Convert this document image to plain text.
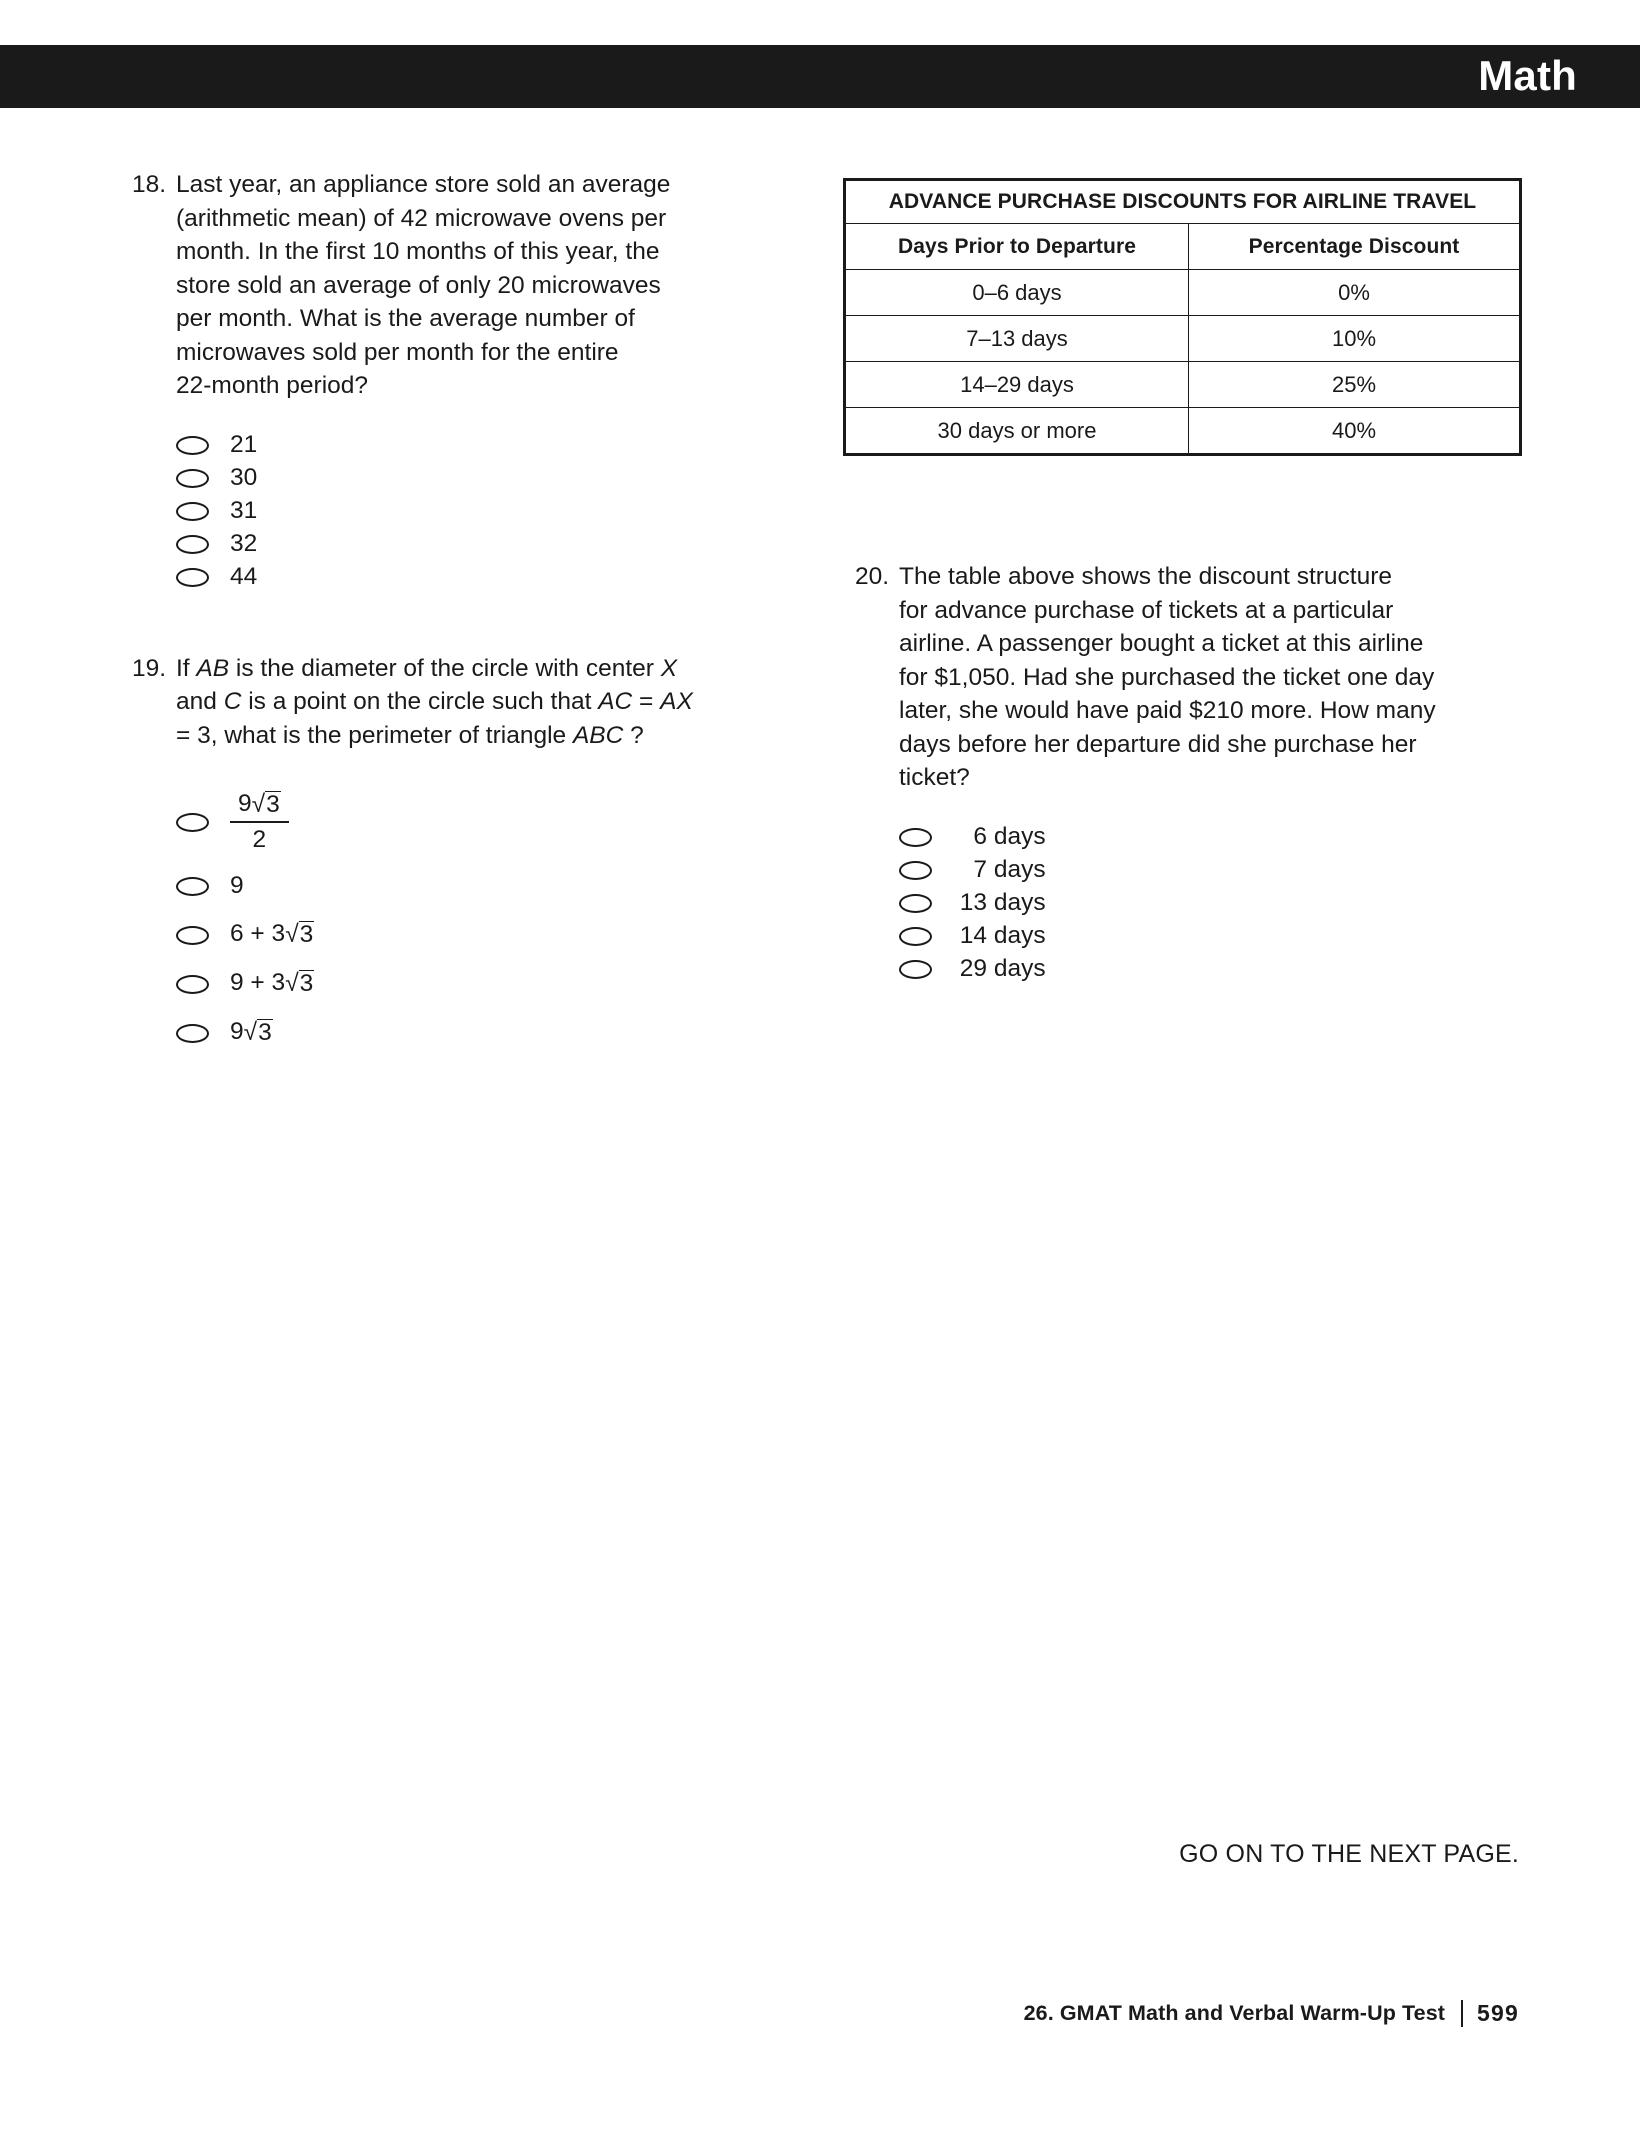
Math
18. Last year, an appliance store sold an average
(arithmetic mean) of 42 microwave ovens per
month. In the first 10 months of this year, the
store sold an average of only 20 microwaves
per month. What is the average number of
microwaves sold per month for the entire
22-month period?
21
30
31
32
44
19. If AB is the diameter of the circle with center X
and C is a point on the circle such that AC = AX
= 3, what is the perimeter of triangle ABC ?
$\frac{9 √ 3}{2}$
9
6 + 3 √ 3
9 + 3 √ 3
9 √ 3
ADVANCE PURCHASE DISCOUNTS FOR AIRLINE TRAVEL	
Days Prior to Departure	Percentage Discount
0–6 days	0%
7–13 days	10%
14–29 days	25%
30 days or more	40%
20. The table above shows the discount structure
for advance purchase of tickets at a particular
airline. A passenger bought a ticket at this airline
for $1,050. Had she purchased the ticket one day
later, she would have paid $210 more. How many
days before her departure did she purchase her
ticket?
6 days
7 days
13 days
14 days
29 days
GO ON TO THE NEXT PAGE.
26. GMAT Math and Verbal Warm-Up Test 599
